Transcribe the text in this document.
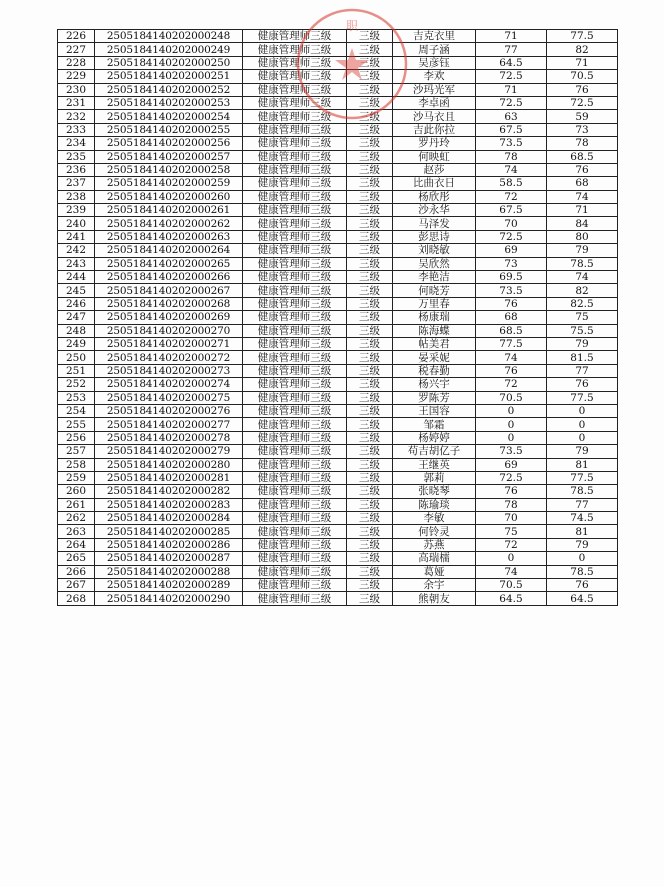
226	2505184140202000248	健康管理师三级	三级	吉克衣里	71	77.5
227	2505184140202000249	健康管理师三级	三级	周子涵	77	82
228	2505184140202000250	健康管理师三级	三级	吴彦钰	64.5	71
229	2505184140202000251	健康管理师三级	三级	李欢	72.5	70.5
230	2505184140202000252	健康管理师三级	三级	沙玛光军	71	76
231	2505184140202000253	健康管理师三级	三级	李卓函	72.5	72.5
232	2505184140202000254	健康管理师三级	三级	沙马衣且	63	59
233	2505184140202000255	健康管理师三级	三级	吉此你拉	67.5	73
234	2505184140202000256	健康管理师三级	三级	罗丹玲	73.5	78
235	2505184140202000257	健康管理师三级	三级	何映虹	78	68.5
236	2505184140202000258	健康管理师三级	三级	赵莎	74	76
237	2505184140202000259	健康管理师三级	三级	比曲衣日	58.5	68
238	2505184140202000260	健康管理师三级	三级	杨欣彤	72	74
239	2505184140202000261	健康管理师三级	三级	沙永华	67.5	71
240	2505184140202000262	健康管理师三级	三级	马泽发	70	84
241	2505184140202000263	健康管理师三级	三级	彭思诗	72.5	80
242	2505184140202000264	健康管理师三级	三级	刘晓敏	69	79
243	2505184140202000265	健康管理师三级	三级	吴欣然	73	78.5
244	2505184140202000266	健康管理师三级	三级	李艳洁	69.5	74
245	2505184140202000267	健康管理师三级	三级	何晓芳	73.5	82
246	2505184140202000268	健康管理师三级	三级	万里春	76	82.5
247	2505184140202000269	健康管理师三级	三级	杨康瑞	68	75
248	2505184140202000270	健康管理师三级	三级	陈海蝶	68.5	75.5
249	2505184140202000271	健康管理师三级	三级	帖美君	77.5	79
250	2505184140202000272	健康管理师三级	三级	晏采妮	74	81.5
251	2505184140202000273	健康管理师三级	三级	税春勤	76	77
252	2505184140202000274	健康管理师三级	三级	杨兴宇	72	76
253	2505184140202000275	健康管理师三级	三级	罗陈芳	70.5	77.5
254	2505184140202000276	健康管理师三级	三级	王国容	0	0
255	2505184140202000277	健康管理师三级	三级	邹霜	0	0
256	2505184140202000278	健康管理师三级	三级	杨婷婷	0	0
257	2505184140202000279	健康管理师三级	三级	苟吉胡亿子	73.5	79
258	2505184140202000280	健康管理师三级	三级	王继英	69	81
259	2505184140202000281	健康管理师三级	三级	郭莉	72.5	77.5
260	2505184140202000282	健康管理师三级	三级	张晓琴	76	78.5
261	2505184140202000283	健康管理师三级	三级	陈瑜琰	78	77
262	2505184140202000284	健康管理师三级	三级	李敏	70	74.5
263	2505184140202000285	健康管理师三级	三级	何铃灵	75	81
264	2505184140202000286	健康管理师三级	三级	苏燕	72	79
265	2505184140202000287	健康管理师三级	三级	高瑞檽	0	0
266	2505184140202000288	健康管理师三级	三级	葛娅	74	78.5
267	2505184140202000289	健康管理师三级	三级	余宇	70.5	76
268	2505184140202000290	健康管理师三级	三级	熊朝友	64.5	64.5
职
